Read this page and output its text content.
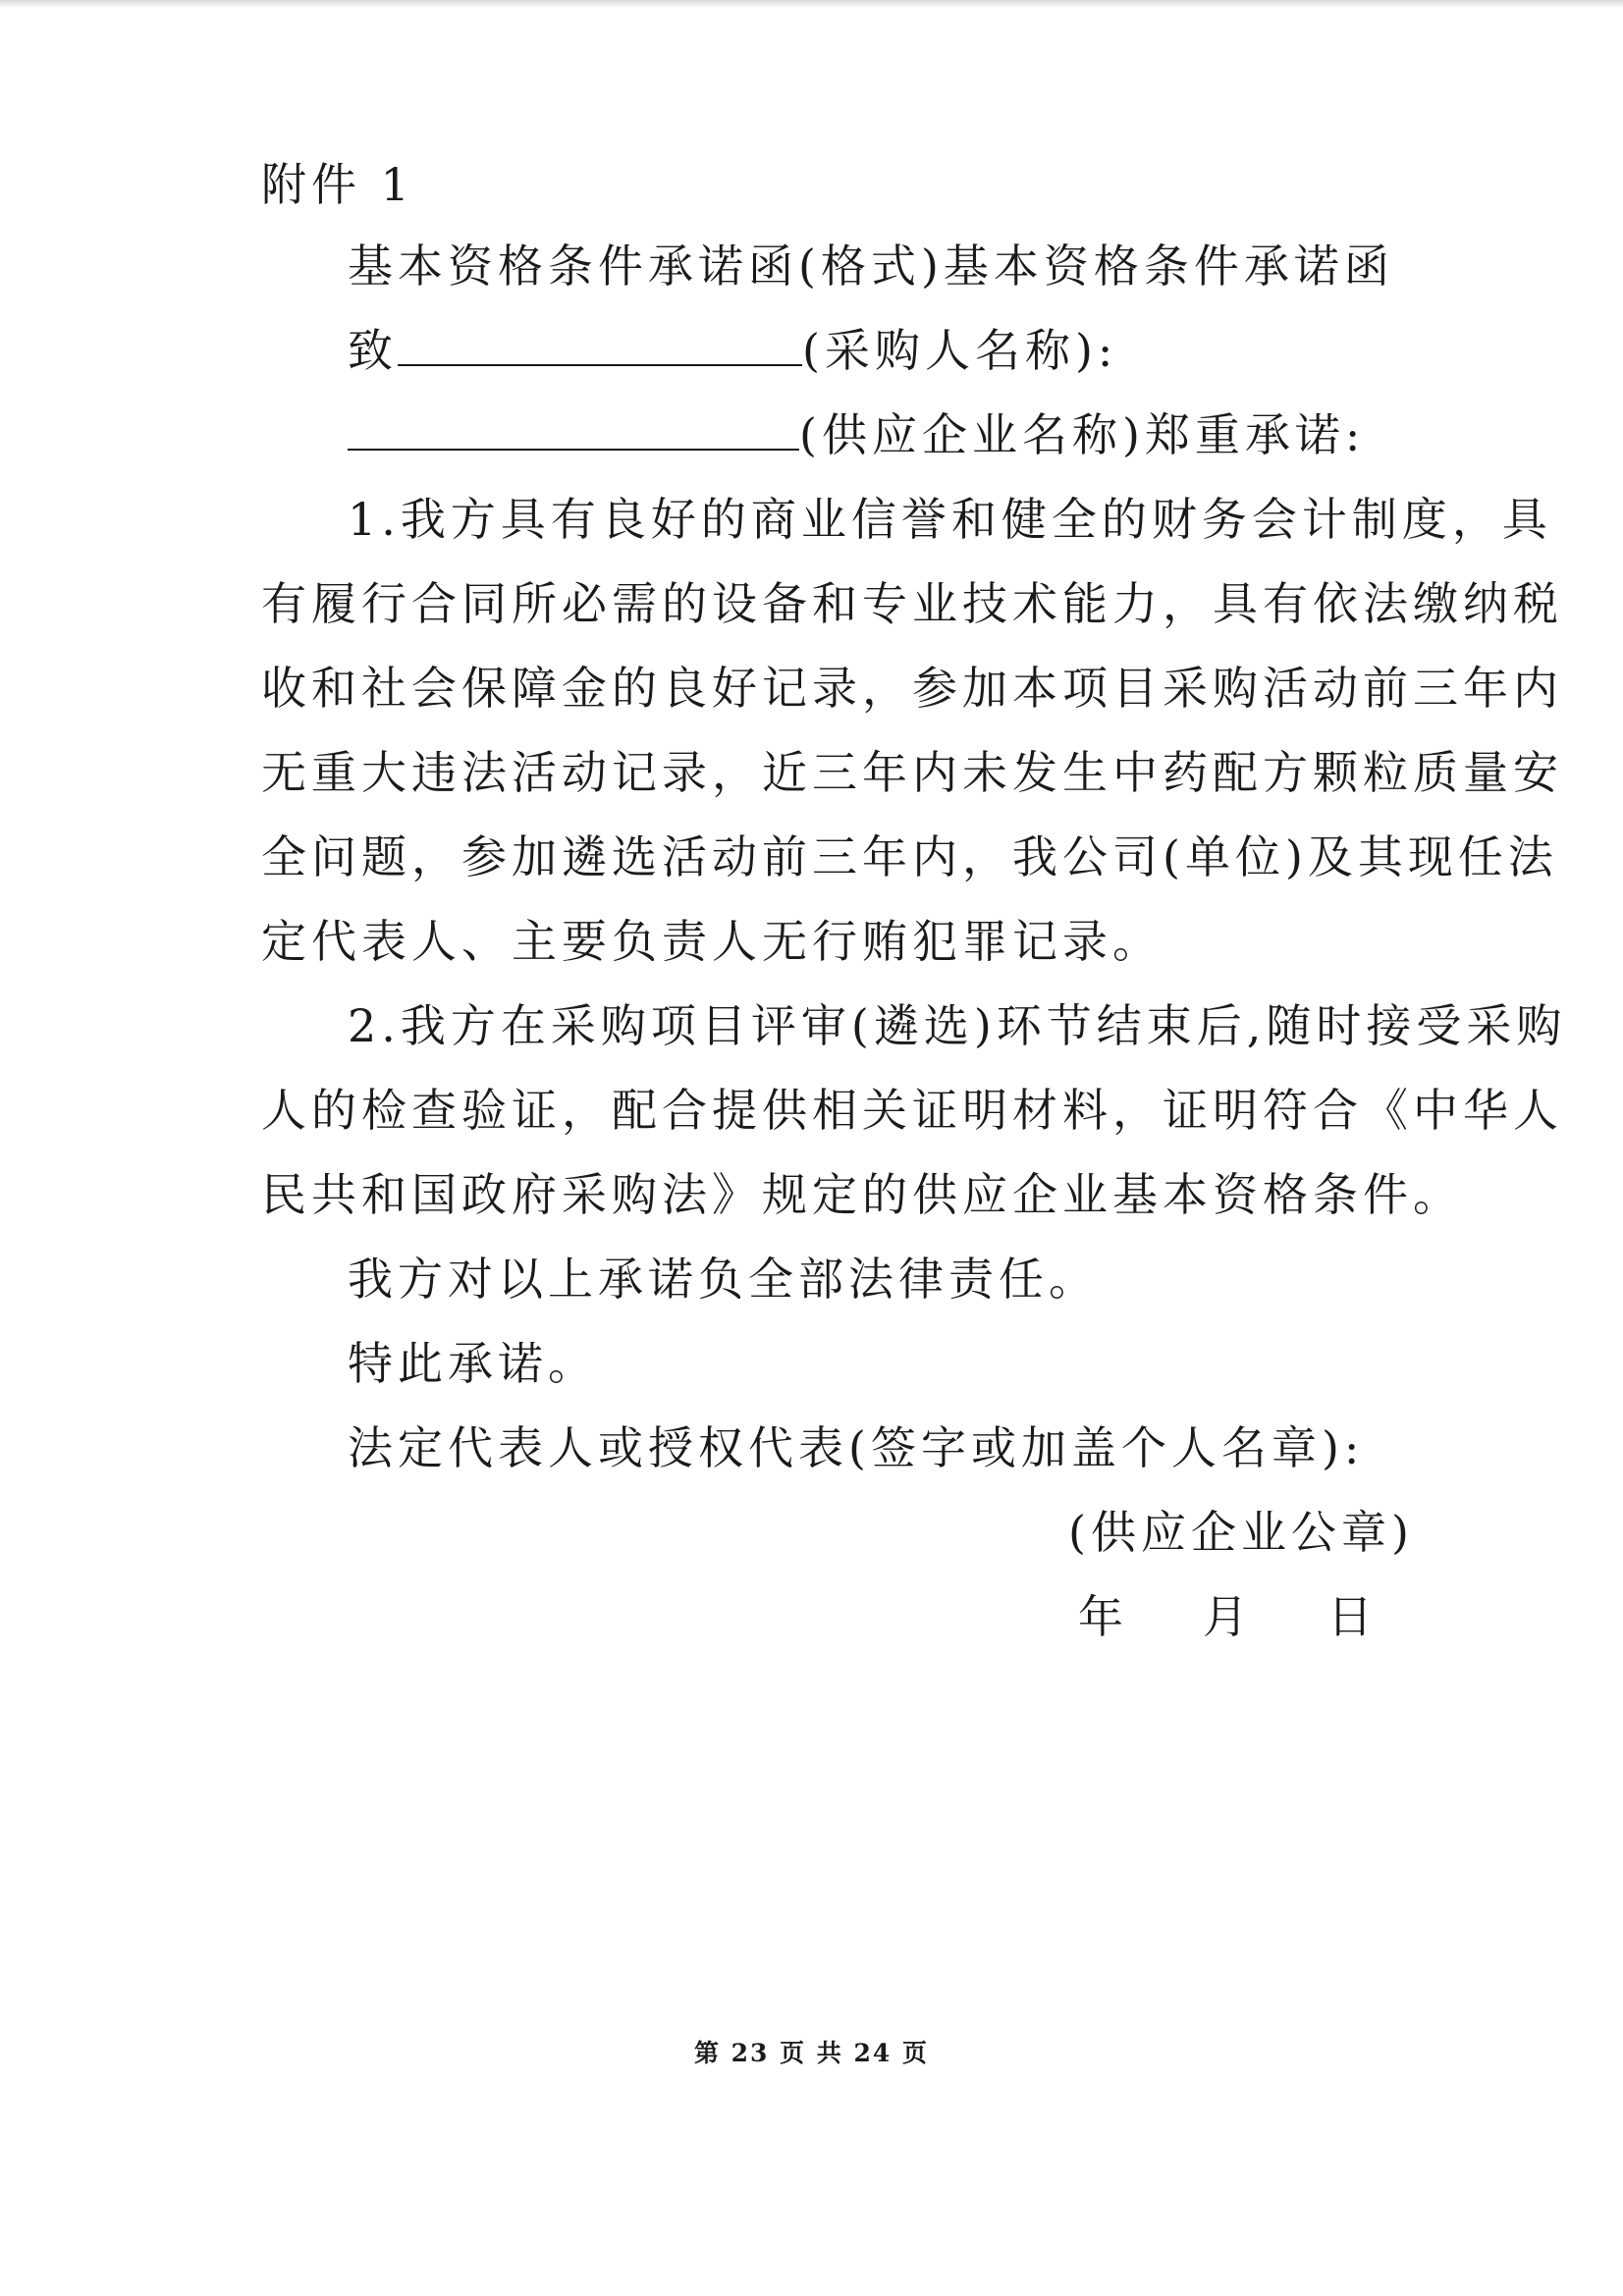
附件 1
基本资格条件承诺函(格式)基本资格条件承诺函
致	(采购人名称):
(供应企业名称)郑重承诺:
1.我方具有良好的商业信誉和健全的财务会计制度，具
有履行合同所必需的设备和专业技术能力，具有依法缴纳税
收和社会保障金的良好记录，参加本项目采购活动前三年内
无重大违法活动记录，近三年内未发生中药配方颗粒质量安
全问题，参加遴选活动前三年内，我公司(单位)及其现任法
定代表人、主要负责人无行贿犯罪记录。
2.我方在采购项目评审(遴选)环节结束后,随时接受采购
人的检查验证，配合提供相关证明材料，证明符合《中华人
民共和国政府采购法》规定的供应企业基本资格条件。
我方对以上承诺负全部法律责任。
特此承诺。
法定代表人或授权代表(签字或加盖个人名章):
(供应企业公章)
年 月 日
第 23 页 共 24 页
